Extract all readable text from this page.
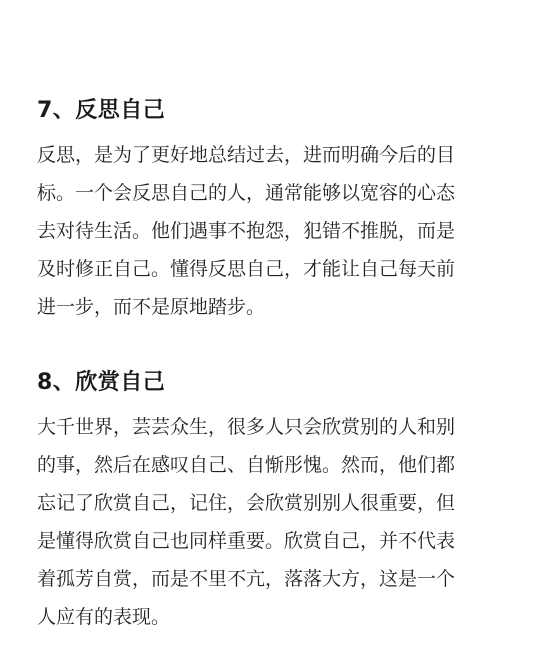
7、反思自己

反思，是为了更好地总结过去，进而明确今后的目
标。一个会反思自己的人，通常能够以宽容的心态
去对待生活。他们遇事不抱怨，犯错不推脱，而是
及时修正自己。懂得反思自己，才能让自己每天前
进一步，而不是原地踏步。

8、欣赏自己

大千世界，芸芸众生，很多人只会欣赏别的人和别
的事，然后在感叹自己、自惭彤愧。然而，他们都
忘记了欣赏自己，记住，会欣赏别别人很重要，但
是懂得欣赏自己也同样重要。欣赏自己，并不代表
着孤芳自赏，而是不里不亢，落落大方，这是一个
人应有的表现。
